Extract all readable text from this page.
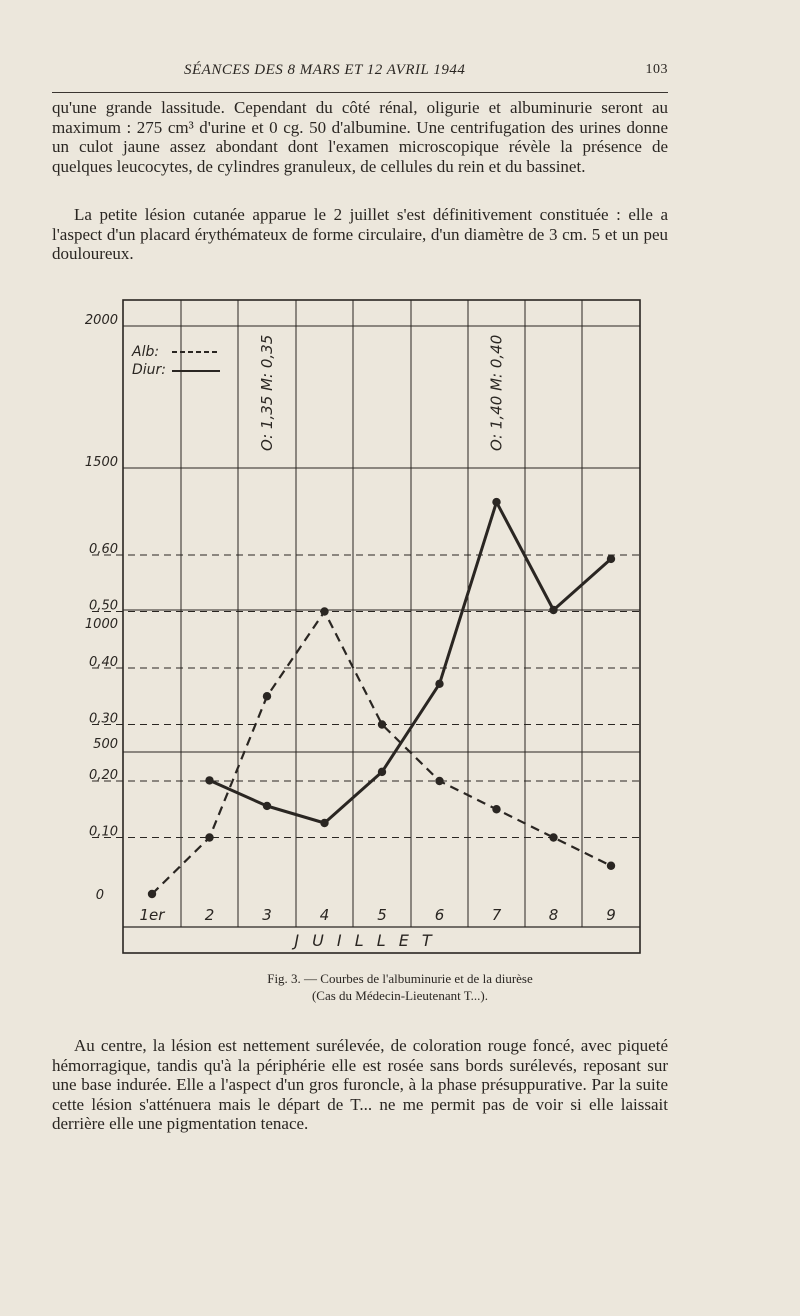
SÉANCES DES 8 MARS ET 12 AVRIL 1944	103

qu'une grande lassitude. Cependant du côté rénal, oligurie et albuminurie seront au maximum : 275 cm³ d'urine et 0 cg. 50 d'albumine. Une centrifugation des urines donne un culot jaune assez abondant dont l'examen microscopique révèle la présence de quelques leucocytes, de cylindres granuleux, de cellules du rein et du bassinet.

La petite lésion cutanée apparue le 2 juillet s'est définitivement constituée : elle a l'aspect d'un placard érythémateux de forme circulaire, d'un diamètre de 3 cm. 5 et un peu douloureux.

2000
1500
1000
500
0,60
0,50
0,40
0,30
0,20
0,10
0
1er	2	3	4	5	6	7	8	9
J U I L L E T
Alb:
Diur:	O: 1,35 M: 0,35	O: 1,40 M: 0,40
Fig. 3. — Courbes de l'albuminurie et de la diurèse
(Cas du Médecin-Lieutenant T...).

Au centre, la lésion est nettement surélevée, de coloration rouge foncé, avec piqueté hémorragique, tandis qu'à la périphérie elle est rosée sans bords surélevés, reposant sur une base indurée. Elle a l'aspect d'un gros furoncle, à la phase présuppurative. Par la suite cette lésion s'atténuera mais le départ de T... ne me permit pas de voir si elle laissait derrière elle une pigmentation tenace.
